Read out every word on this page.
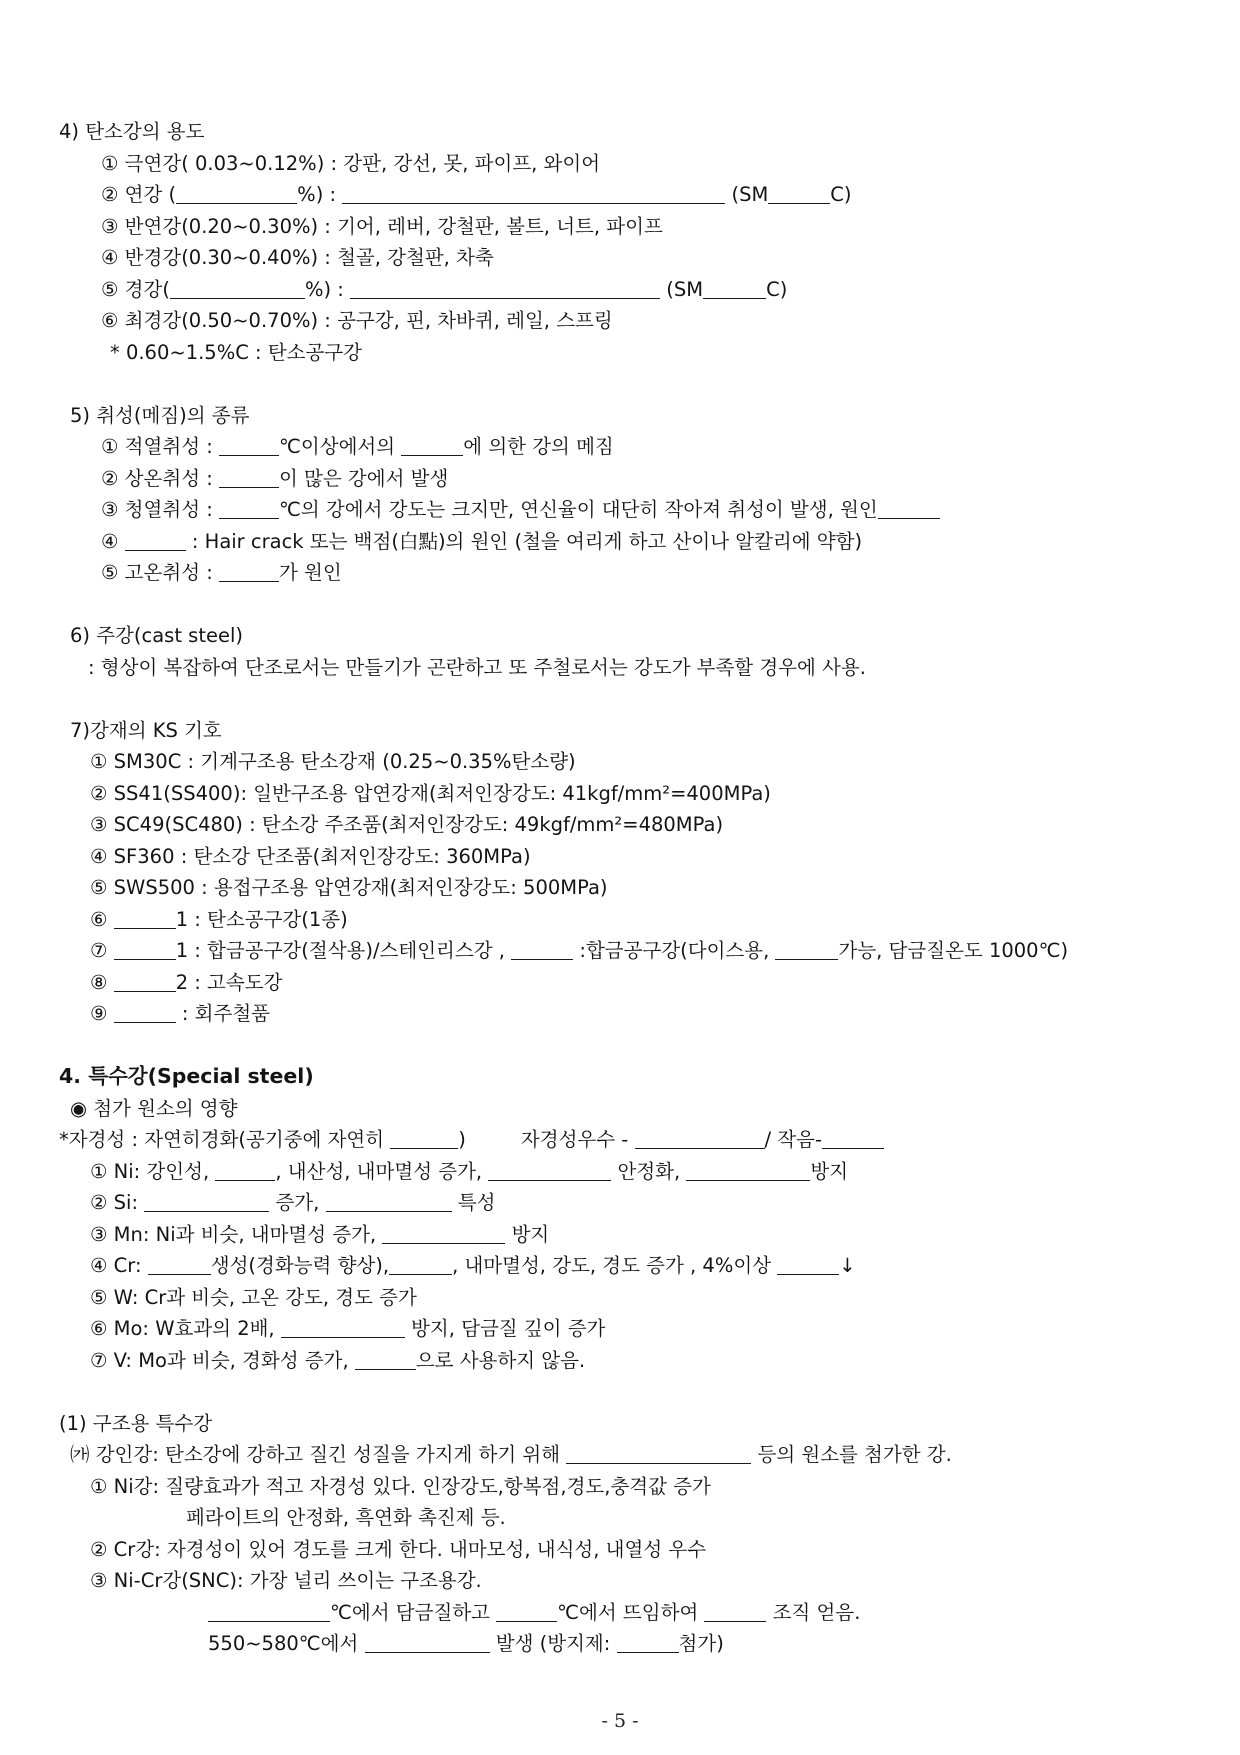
4) 탄소강의 용도
① 극연강( 0.03~0.12%) : 강판, 강선, 못, 파이프, 와이어
② 연강 (	%) :	(SM	C)
③ 반연강(0.20~0.30%) : 기어, 레버, 강철판, 볼트, 너트, 파이프
④ 반경강(0.30~0.40%) : 철골, 강철판, 차축
⑤ 경강(	%) :	(SM	C)
⑥ 최경강(0.50~0.70%) : 공구강, 핀, 차바퀴, 레일, 스프링
* 0.60~1.5%C : 탄소공구강
5) 취성(메짐)의 종류
① 적열취성 :	℃이상에서의	에 의한 강의 메짐
② 상온취성 :	이 많은 강에서 발생
③ 청열취성 :	℃의 강에서 강도는 크지만, 연신율이 대단히 작아져 취성이 발생, 원인
④	: Hair crack 또는 백점(白點)의 원인 (철을 여리게 하고 산이나 알칼리에 약함)
⑤ 고온취성 :	가 원인
6) 주강(cast steel)
: 형상이 복잡하여 단조로서는 만들기가 곤란하고 또 주철로서는 강도가 부족할 경우에 사용.
7)강재의 KS 기호
① SM30C : 기계구조용 탄소강재 (0.25~0.35%탄소량)
② SS41(SS400): 일반구조용 압연강재(최저인장강도: 41kgf/mm²=400MPa)
③ SC49(SC480) : 탄소강 주조품(최저인장강도: 49kgf/mm²=480MPa)
④ SF360 : 탄소강 단조품(최저인장강도: 360MPa)
⑤ SWS500 : 용접구조용 압연강재(최저인장강도: 500MPa)
⑥	1 : 탄소공구강(1종)
⑦	1 : 합금공구강(절삭용)/스테인리스강 ,	:합금공구강(다이스용,	가능, 담금질온도 1000℃)
⑧	2 : 고속도강
⑨	: 회주철품
4. 특수강(Special steel)
◉ 첨가 원소의 영향
*자경성 : 자연히경화(공기중에 자연히	)	자경성우수 -	/ 작음-
① Ni: 강인성,	, 내산성, 내마멸성 증가,	안정화,	방지
② Si:	증가,	특성
③ Mn: Ni과 비슷, 내마멸성 증가,	방지
④ Cr:	생성(경화능력 향상),	, 내마멸성, 강도, 경도 증가 , 4%이상	↓
⑤ W: Cr과 비슷, 고온 강도, 경도 증가
⑥ Mo: W효과의 2배,	방지, 담금질 깊이 증가
⑦ V: Mo과 비슷, 경화성 증가,	으로 사용하지 않음.
(1) 구조용 특수강
㈎ 강인강: 탄소강에 강하고 질긴 성질을 가지게 하기 위해	등의 원소를 첨가한 강.
① Ni강: 질량효과가 적고 자경성 있다. 인장강도,항복점,경도,충격값 증가
페라이트의 안정화, 흑연화 촉진제 등.
② Cr강: 자경성이 있어 경도를 크게 한다. 내마모성, 내식성, 내열성 우수
③ Ni-Cr강(SNC): 가장 널리 쓰이는 구조용강.
℃에서 담금질하고	℃에서 뜨임하여	조직 얻음.
550~580℃에서	발생 (방지제:	첨가)
- 5 -
